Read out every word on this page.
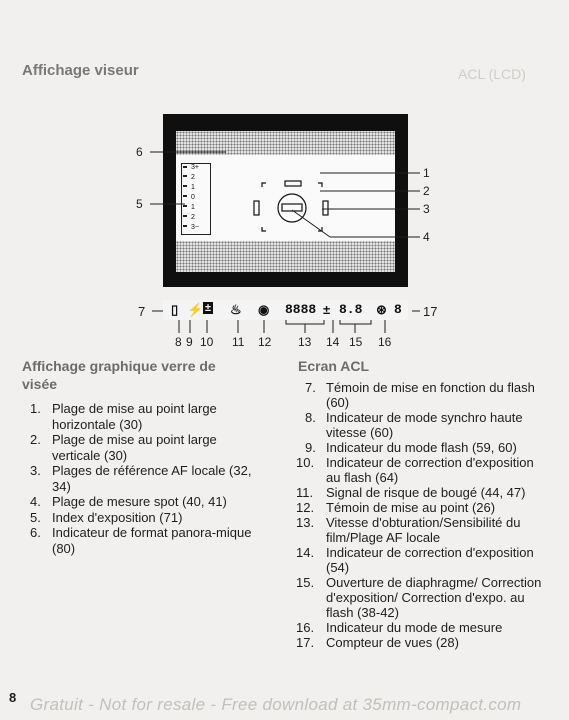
ACL (LCD)
Affichage viseur
3+
2
1
0
1
2
3−
6
5
1
2
3
4
▯ ⚡ ± ♨ ◉ 8888 ± 8.8 ⊛ 8
7	17
8 9 10 11 12 13 14 15 16
Affichage graphique verre de
visée
1. Plage de mise au point large horizontale (30)
2. Plage de mise au point large verticale (30)
3. Plages de référence AF locale (32, 34)
4. Plage de mesure spot (40, 41)
5. Index d'exposition (71)
6. Indicateur de format panora-mique (80)
Ecran ACL
7. Témoin de mise en fonction du flash (60)
8. Indicateur de mode synchro haute vitesse (60)
9. Indicateur du mode flash (59, 60)
10. Indicateur de correction d'exposition au flash (64)
11. Signal de risque de bougé (44, 47)
12. Témoin de mise au point (26)
13. Vitesse d'obturation/Sensibilité du film/Plage AF locale
14. Indicateur de correction d'exposition (54)
15. Ouverture de diaphragme/ Correction d'exposition/ Correction d'expo. au flash (38-42)
16. Indicateur du mode de mesure
17. Compteur de vues (28)
8 Gratuit - Not for resale - Free download at 35mm-compact.com
